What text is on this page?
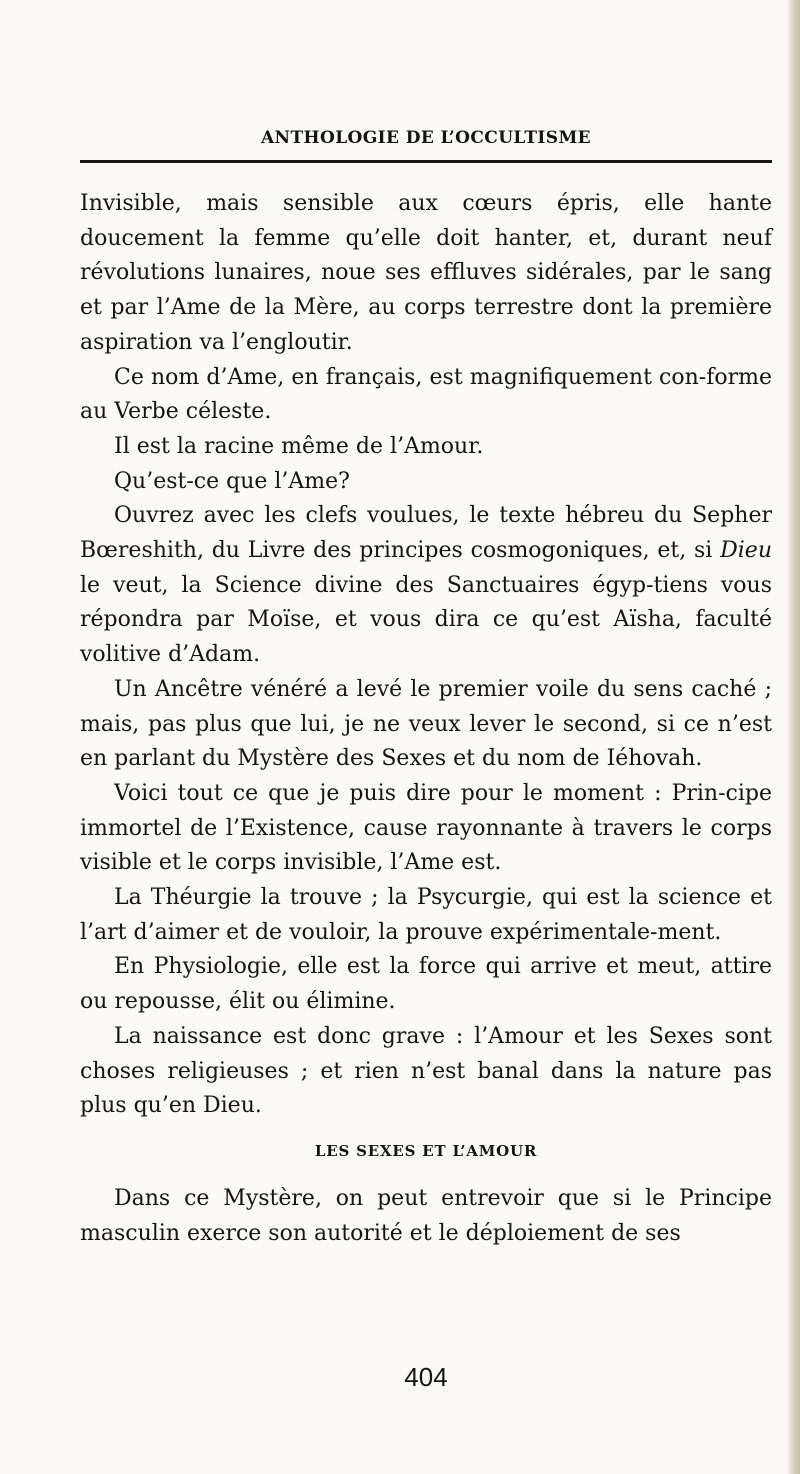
ANTHOLOGIE DE L’OCCULTISME

Invisible, mais sensible aux cœurs épris, elle hante doucement la femme qu’elle doit hanter, et, durant neuf révolutions lunaires, noue ses effluves sidérales, par le sang et par l’Ame de la Mère, au corps terrestre dont la première aspiration va l’engloutir.

Ce nom d’Ame, en français, est magnifiquement con-forme au Verbe céleste.

Il est la racine même de l’Amour.

Qu’est-ce que l’Ame?

Ouvrez avec les clefs voulues, le texte hébreu du Sepher Bœreshith, du Livre des principes cosmogoniques, et, si Dieu le veut, la Science divine des Sanctuaires égyp-tiens vous répondra par Moïse, et vous dira ce qu’est Aïsha, faculté volitive d’Adam.

Un Ancêtre vénéré a levé le premier voile du sens caché ; mais, pas plus que lui, je ne veux lever le second, si ce n’est en parlant du Mystère des Sexes et du nom de Iéhovah.

Voici tout ce que je puis dire pour le moment : Prin-cipe immortel de l’Existence, cause rayonnante à travers le corps visible et le corps invisible, l’Ame est.

La Théurgie la trouve ; la Psycurgie, qui est la science et l’art d’aimer et de vouloir, la prouve expérimentale-ment.

En Physiologie, elle est la force qui arrive et meut, attire ou repousse, élit ou élimine.

La naissance est donc grave : l’Amour et les Sexes sont choses religieuses ; et rien n’est banal dans la nature pas plus qu’en Dieu.

LES SEXES ET L’AMOUR

Dans ce Mystère, on peut entrevoir que si le Principe masculin exerce son autorité et le déploiement de ses

404
